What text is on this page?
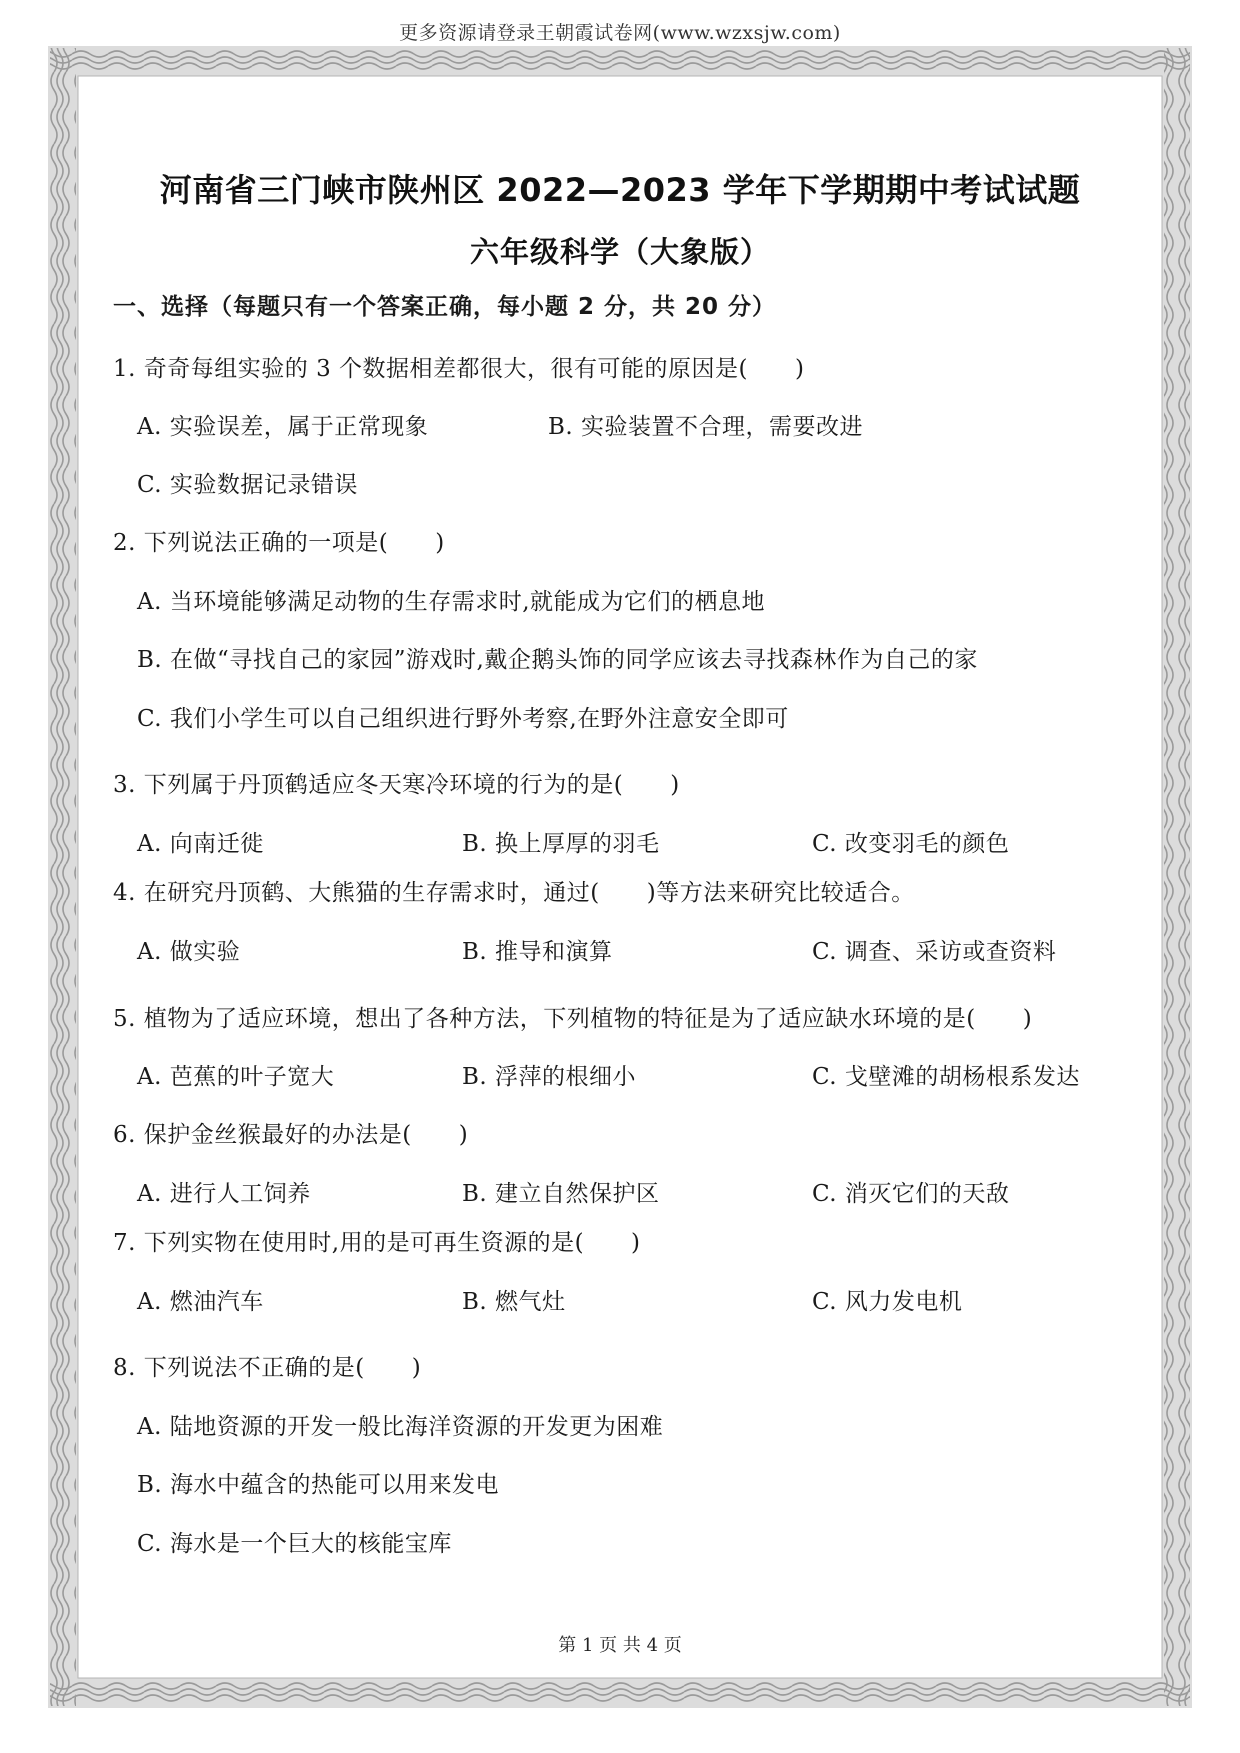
更多资源请登录王朝霞试卷网(www.wzxsjw.com)
河南省三门峡市陕州区 2022—2023 学年下学期期中考试试题
六年级科学（大象版）
一、选择（每题只有一个答案正确，每小题 2 分，共 20 分）
1. 奇奇每组实验的 3 个数据相差都很大，很有可能的原因是(　　)
A. 实验误差，属于正常现象	B. 实验装置不合理，需要改进
C. 实验数据记录错误
2. 下列说法正确的一项是(　　)
A. 当环境能够满足动物的生存需求时,就能成为它们的栖息地
B. 在做“寻找自己的家园”游戏时,戴企鹅头饰的同学应该去寻找森林作为自己的家
C. 我们小学生可以自己组织进行野外考察,在野外注意安全即可
3. 下列属于丹顶鹤适应冬天寒冷环境的行为的是(　　)
A. 向南迁徙	B. 换上厚厚的羽毛	C. 改变羽毛的颜色
4. 在研究丹顶鹤、大熊猫的生存需求时，通过(　　)等方法来研究比较适合。
A. 做实验	B. 推导和演算	C. 调查、采访或查资料
5. 植物为了适应环境，想出了各种方法，下列植物的特征是为了适应缺水环境的是(　　)
A. 芭蕉的叶子宽大	B. 浮萍的根细小	C. 戈壁滩的胡杨根系发达
6. 保护金丝猴最好的办法是(　　)
A. 进行人工饲养	B. 建立自然保护区	C. 消灭它们的天敌
7. 下列实物在使用时,用的是可再生资源的是(　　)
A. 燃油汽车	B. 燃气灶	C. 风力发电机
8. 下列说法不正确的是(　　)
A. 陆地资源的开发一般比海洋资源的开发更为困难
B. 海水中蕴含的热能可以用来发电
C. 海水是一个巨大的核能宝库
第 1 页 共 4 页
